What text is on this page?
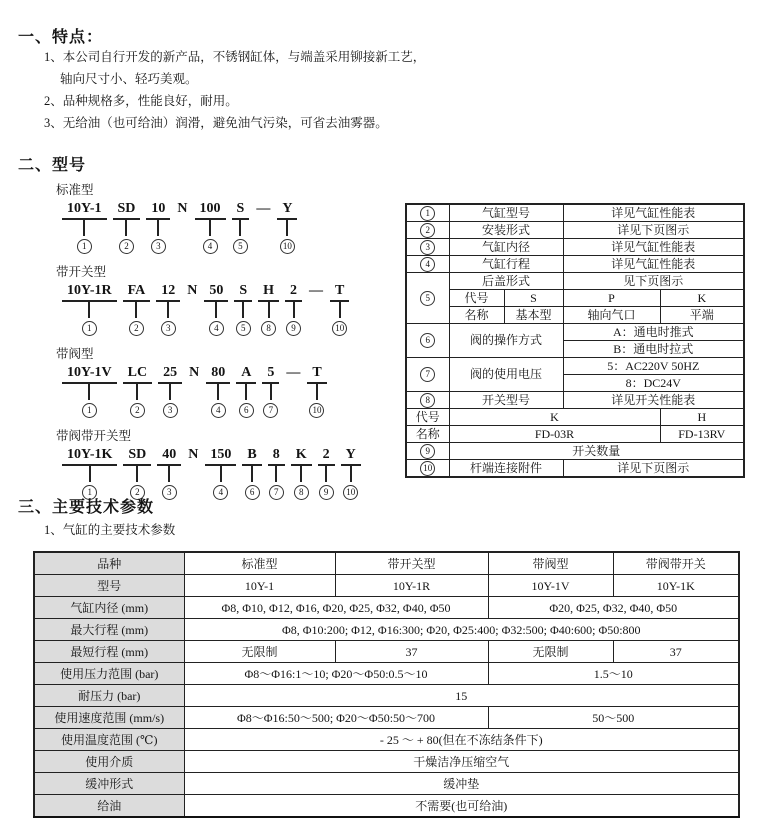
一、特点：
1、本公司自行开发的新产品，不锈钢缸体，与端盖采用铆接新工艺，
轴向尺寸小、轻巧美观。
2、品种规格多，性能良好，耐用。
3、无给油（也可给油）润滑，避免油气污染，可省去油雾器。
二、型号
标准型
10Y-1
1
SD
2
10
3
N 100
4
S
5
— Y
10
带开关型
10Y-1R
1
FA
2
12
3
N 50
4
S
5
H
8
2
9
— T
10
带阀型
10Y-1V
1
LC
2
25
3
N 80
4
A
6
5
7
— T
10
带阀带开关型
10Y-1K
1
SD
2
40
3
N 150
4
B
6
8
7
K
8
2
9
Y
10
1	气缸型号		详见气缸性能表	
2	安装形式		详见下页图示	
3	气缸内径		详见气缸性能表	
4	气缸行程		详见气缸性能表	
5	后盖形式		见下页图示	
	代号	S	P	K
	名称	基本型	轴向气口	平端
6	阀的操作方式		A：通电时推式	
			B：通电时拉式	
7	阀的使用电压		5：AC220V 50HZ	
			8：DC24V	
8	开关型号		详见开关性能表	
代号	K			H
名称	FD-03R			FD-13RV
9	开关数量			
10	杆端连接附件		详见下页图示	
三、主要技术参数
1、气缸的主要技术参数
品种	标准型	带开关型	带阀型	带阀带开关
型号	10Y-1	10Y-1R	10Y-1V	10Y-1K
气缸内径 (mm)	Φ8, Φ10, Φ12, Φ16, Φ20, Φ25, Φ32, Φ40, Φ50		Φ20, Φ25, Φ32, Φ40, Φ50	
最大行程 (mm)	Φ8, Φ10:200; Φ12, Φ16:300; Φ20, Φ25:400; Φ32:500; Φ40:600; Φ50:800			
最短行程 (mm)	无限制	37	无限制	37
使用压力范围 (bar)	Φ8～Φ16:1～10; Φ20～Φ50:0.5～10		1.5～10	
耐压力 (bar)	15			
使用速度范围 (mm/s)	Φ8～Φ16:50～500; Φ20～Φ50:50～700		50～500	
使用温度范围 (℃)	- 25 ～ + 80(但在不冻结条件下)			
使用介质	干燥洁净压缩空气			
缓冲形式	缓冲垫			
给油	不需要(也可给油)			
